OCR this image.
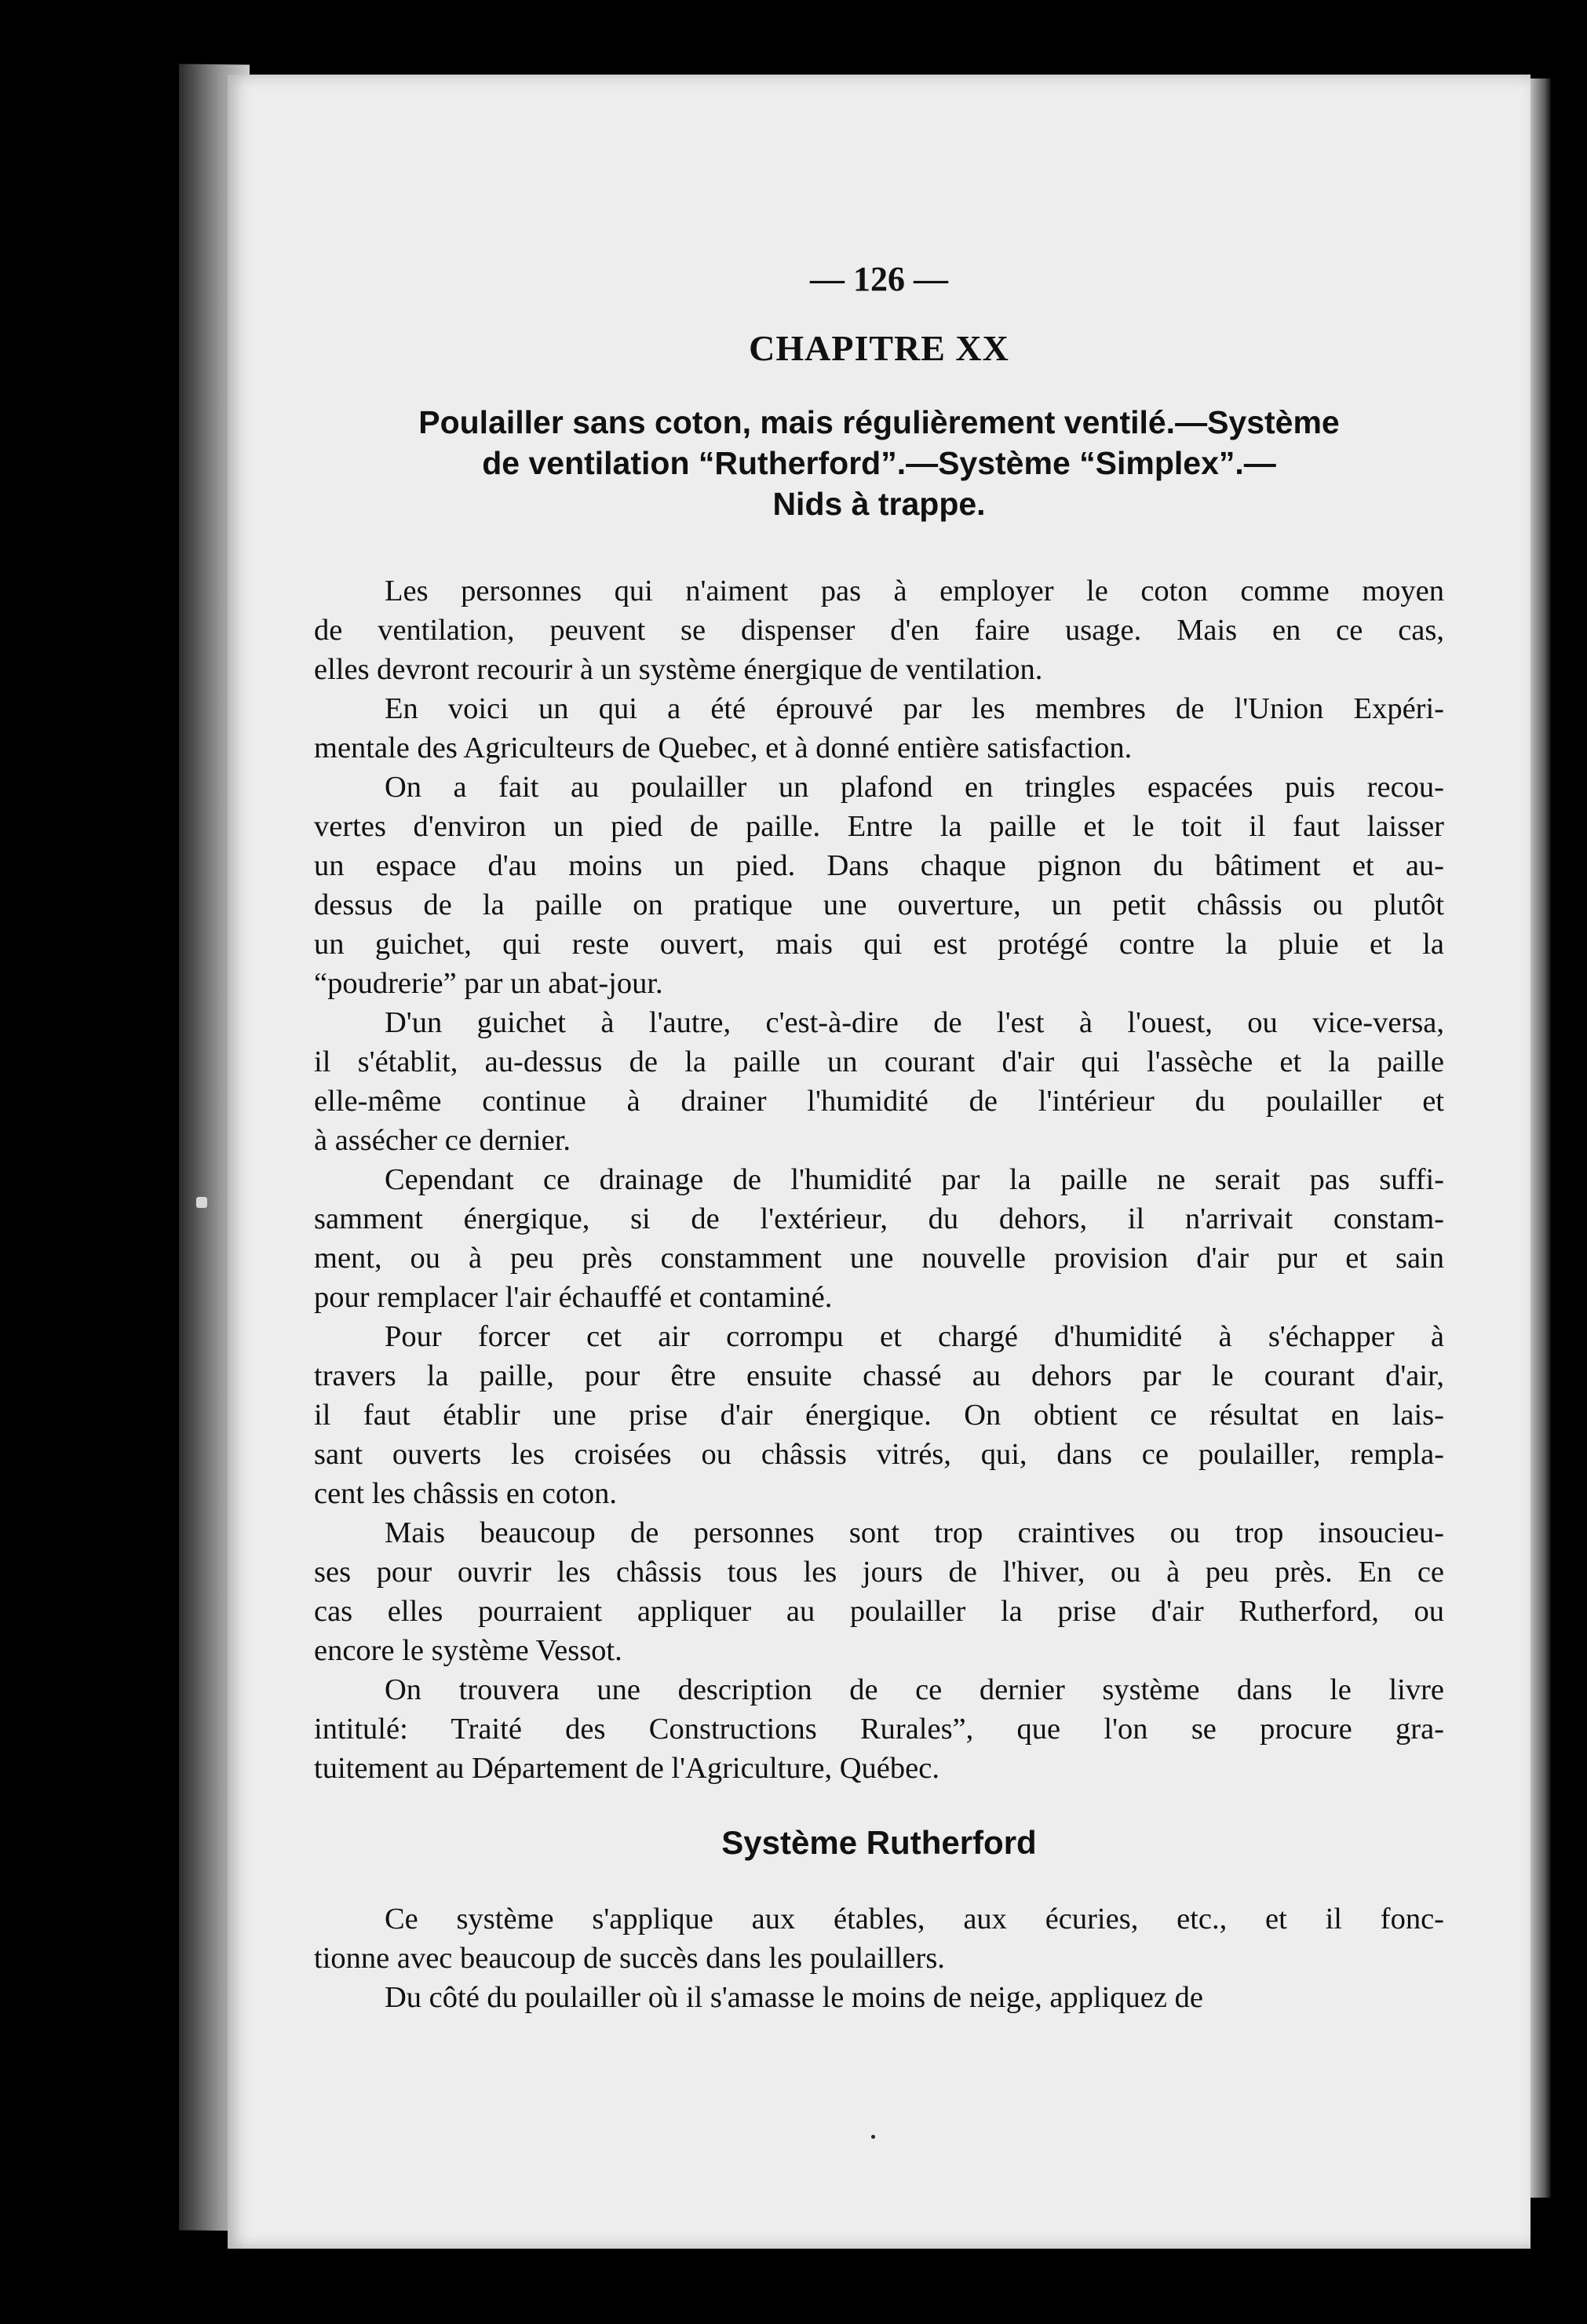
— 126 —

CHAPITRE XX

Poulailler sans coton, mais régulièrement ventilé.—Système
de ventilation “Rutherford”.—Système “Simplex”.—
Nids à trappe.

Les personnes qui n'aiment pas à employer le coton comme moyen
de ventilation, peuvent se dispenser d'en faire usage. Mais en ce cas,
elles devront recourir à un système énergique de ventilation.

En voici un qui a été éprouvé par les membres de l'Union Expéri-
mentale des Agriculteurs de Quebec, et à donné entière satisfaction.

On a fait au poulailler un plafond en tringles espacées puis recou-
vertes d'environ un pied de paille. Entre la paille et le toit il faut laisser
un espace d'au moins un pied. Dans chaque pignon du bâtiment et au-
dessus de la paille on pratique une ouverture, un petit châssis ou plutôt
un guichet, qui reste ouvert, mais qui est protégé contre la pluie et la
“poudrerie” par un abat-jour.

D'un guichet à l'autre, c'est-à-dire de l'est à l'ouest, ou vice-versa,
il s'établit, au-dessus de la paille un courant d'air qui l'assèche et la paille
elle-même continue à drainer l'humidité de l'intérieur du poulailler et
à assécher ce dernier.

Cependant ce drainage de l'humidité par la paille ne serait pas suffi-
samment énergique, si de l'extérieur, du dehors, il n'arrivait constam-
ment, ou à peu près constamment une nouvelle provision d'air pur et sain
pour remplacer l'air échauffé et contaminé.

Pour forcer cet air corrompu et chargé d'humidité à s'échapper à
travers la paille, pour être ensuite chassé au dehors par le courant d'air,
il faut établir une prise d'air énergique. On obtient ce résultat en lais-
sant ouverts les croisées ou châssis vitrés, qui, dans ce poulailler, remplа-
cent les châssis en coton.

Mais beaucoup de personnes sont trop craintives ou trop insoucieu-
ses pour ouvrir les châssis tous les jours de l'hiver, ou à peu près. En ce
cas elles pourraient appliquer au poulailler la prise d'air Rutherford, ou
encore le système Vessot.

On trouvera une description de ce dernier système dans le livre
intitulé: Traité des Constructions Rurales”, que l'on se procure gra-
tuitement au Département de l'Agriculture, Québec.

Système Rutherford

Ce système s'applique aux étables, aux écuries, etc., et il fonc-
tionne avec beaucoup de succès dans les poulaillers.

Du côté du poulailler où il s'amasse le moins de neige, appliquez de
